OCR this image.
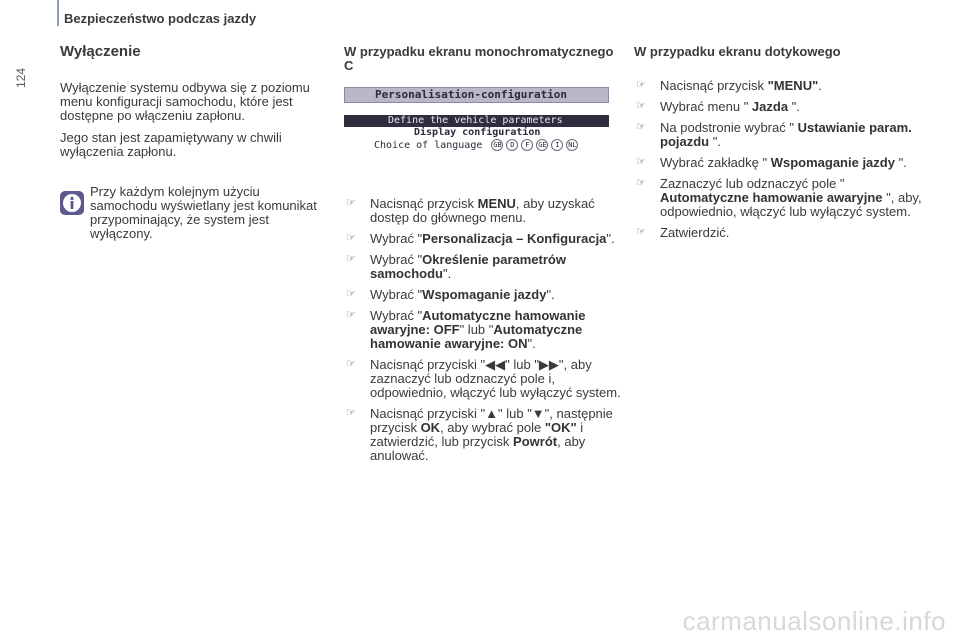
Bezpieczeństwo podczas jazdy
124
Wyłączenie

Wyłączenie systemu odbywa się z poziomu menu konfiguracji samochodu, które jest dostępne po włączeniu zapłonu.

Jego stan jest zapamiętywany w chwili wyłączenia zapłonu.

Przy każdym kolejnym użyciu samochodu wyświetlany jest komunikat przypominający, że system jest wyłączony.

W przypadku ekranu monochromatycznego C
Personalisation-configuration
Define the vehicle parameters
Display configuration
Choice of language GB D F GE I NL
☞ Nacisnąć przycisk MENU, aby uzyskać dostęp do głównego menu.
☞ Wybrać "Personalizacja – Konfiguracja".
☞ Wybrać "Określenie parametrów samochodu".
☞ Wybrać "Wspomaganie jazdy".
☞ Wybrać "Automatyczne hamowanie awaryjne: OFF" lub "Automatyczne hamowanie awaryjne: ON".
☞ Nacisnąć przyciski "◀◀" lub "▶▶", aby zaznaczyć lub odznaczyć pole i, odpowiednio, włączyć lub wyłączyć system.
☞ Nacisnąć przyciski "▲" lub "▼", następnie przycisk OK, aby wybrać pole "OK" i zatwierdzić, lub przycisk Powrót, aby anulować.
W przypadku ekranu dotykowego
☞ Nacisnąć przycisk "MENU".
☞ Wybrać menu " Jazda ".
☞ Na podstronie wybrać " Ustawianie param. pojazdu ".
☞ Wybrać zakładkę " Wspomaganie jazdy ".
☞ Zaznaczyć lub odznaczyć pole " Automatyczne hamowanie awaryjne ", aby, odpowiednio, włączyć lub wyłączyć system.
☞ Zatwierdzić.
carmanualsonline.info
